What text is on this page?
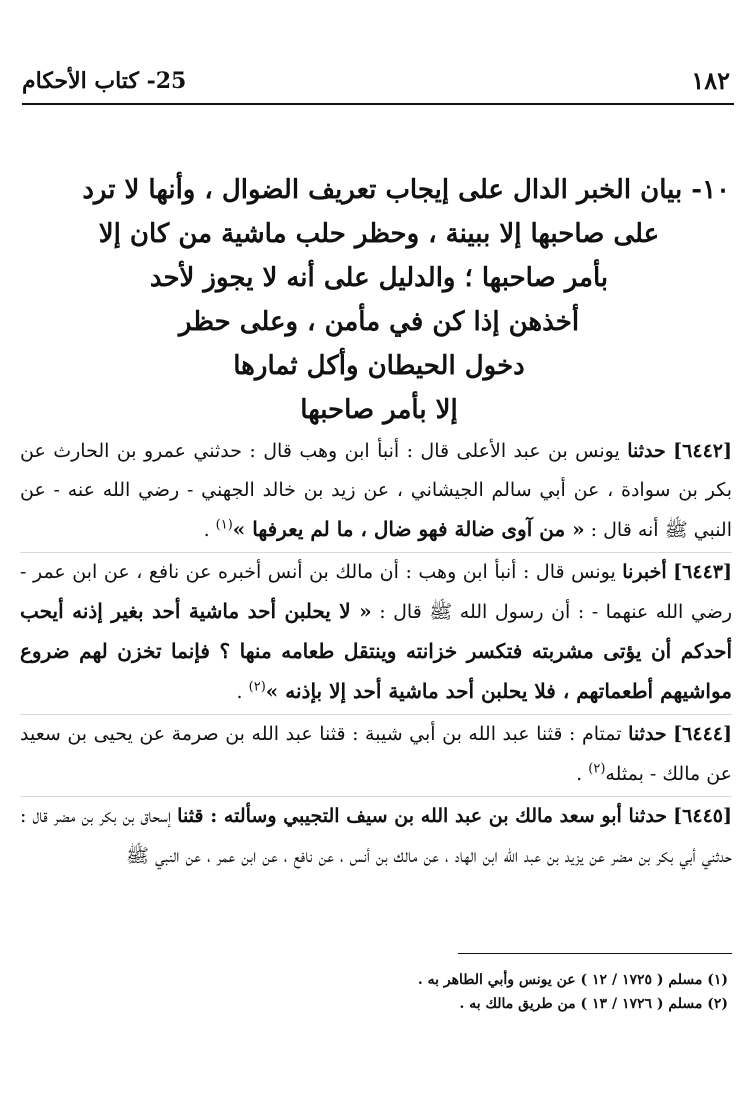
١٨٢
25- كتاب الأحكام
١٠- بيان الخبر الدال على إيجاب تعريف الضوال ، وأنها لا ترد
على صاحبها إلا ببينة ، وحظر حلب ماشية من كان إلا
بأمر صاحبها ؛ والدليل على أنه لا يجوز لأحد
أخذهن إذا كن في مأمن ، وعلى حظر
دخول الحيطان وأكل ثمارها
إلا بأمر صاحبها

[٦٤٤٢] حدثنا يونس بن عبد الأعلى قال : أنبأ ابن وهب قال : حدثني عمرو بن الحارث عن بكر بن سوادة ، عن أبي سالم الجيشاني ، عن زيد بن خالد الجهني - رضي الله عنه - عن النبي ﷺ أنه قال : « من آوى ضالة فهو ضال ، ما لم يعرفها »$^{(١)}$ .

[٦٤٤٣] أخبرنا يونس قال : أنبأ ابن وهب : أن مالك بن أنس أخبره عن نافع ، عن ابن عمر - رضي الله عنهما - : أن رسول الله ﷺ قال : « لا يحلبن أحد ماشية أحد بغير إذنه أيحب أحدكم أن يؤتى مشربته فتكسر خزانته وينتقل طعامه منها ؟ فإنما تخزن لهم ضروع مواشيهم أطعماتهم ، فلا يحلبن أحد ماشية أحد إلا بإذنه »$^{(٢)}$ .

[٦٤٤٤] حدثنا تمتام : قثنا عبد الله بن أبي شيبة : قثنا عبد الله بن صرمة عن يحيى بن سعيد عن مالك - بمثله$^{(٢)}$ .

[٦٤٤٥] حدثنا أبو سعد مالك بن عبد الله بن سيف التجيبي وسألته : قثنا إسحاق بن بكر بن مضر قال : حدثني أبي بكر بن مضر عن يزيد بن عبد الله ابن الهاد ، عن مالك بن أنس ، عن نافع ، عن ابن عمر ، عن النبي ﷺ

(١) مسلم ( ١٧٢٥ / ١٢ ) عن يونس وأبي الطاهر به .
(٢) مسلم ( ١٧٢٦ / ١٣ ) من طريق مالك به .
